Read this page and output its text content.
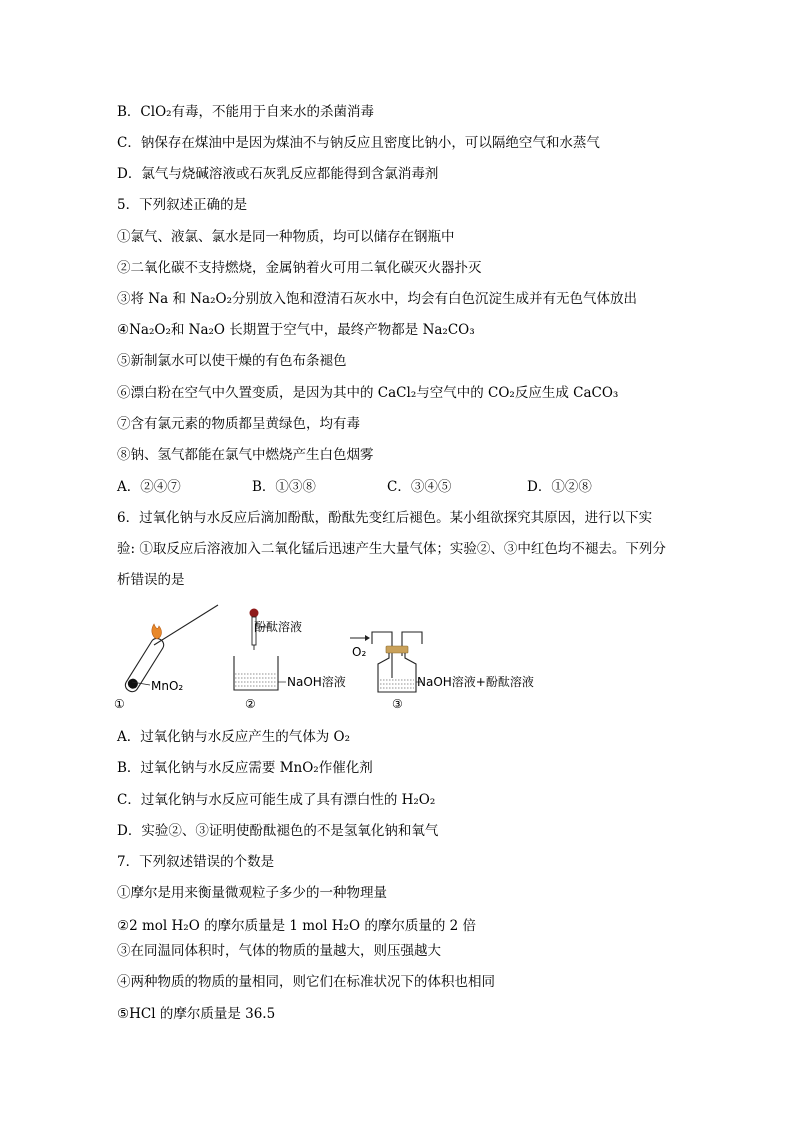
B．ClO₂有毒，不能用于自来水的杀菌消毒
C．钠保存在煤油中是因为煤油不与钠反应且密度比钠小，可以隔绝空气和水蒸气
D．氯气与烧碱溶液或石灰乳反应都能得到含氯消毒剂
5．下列叙述正确的是
①氯气、液氯、氯水是同一种物质，均可以储存在钢瓶中
②二氧化碳不支持燃烧，金属钠着火可用二氧化碳灭火器扑灭
③将 Na 和 Na₂O₂分别放入饱和澄清石灰水中，均会有白色沉淀生成并有无色气体放出
④Na₂O₂和 Na₂O 长期置于空气中，最终产物都是 Na₂CO₃
⑤新制氯水可以使干燥的有色布条褪色
⑥漂白粉在空气中久置变质，是因为其中的 CaCl₂与空气中的 CO₂反应生成 CaCO₃
⑦含有氯元素的物质都呈黄绿色，均有毒
⑧钠、氢气都能在氯气中燃烧产生白色烟雾
A．②④⑦	B．①③⑧	C．③④⑤	D．①②⑧
6．过氧化钠与水反应后滴加酚酞，酚酞先变红后褪色。某小组欲探究其原因，进行以下实
验: ①取反应后溶液加入二氧化锰后迅速产生大量气体；实验②、③中红色均不褪去。下列分
析错误的是
MnO₂
①
酚酞溶液
NaOH溶液
②
O₂
NaOH溶液+酚酞溶液
③
A．过氧化钠与水反应产生的气体为 O₂
B．过氧化钠与水反应需要 MnO₂作催化剂
C．过氧化钠与水反应可能生成了具有漂白性的 H₂O₂
D．实验②、③证明使酚酞褪色的不是氢氧化钠和氧气
7．下列叙述错误的个数是
①摩尔是用来衡量微观粒子多少的一种物理量
②2 mol H₂O 的摩尔质量是 1 mol H₂O 的摩尔质量的 2 倍
③在同温同体积时，气体的物质的量越大，则压强越大
④两种物质的物质的量相同，则它们在标准状况下的体积也相同
⑤HCl 的摩尔质量是 36.5
